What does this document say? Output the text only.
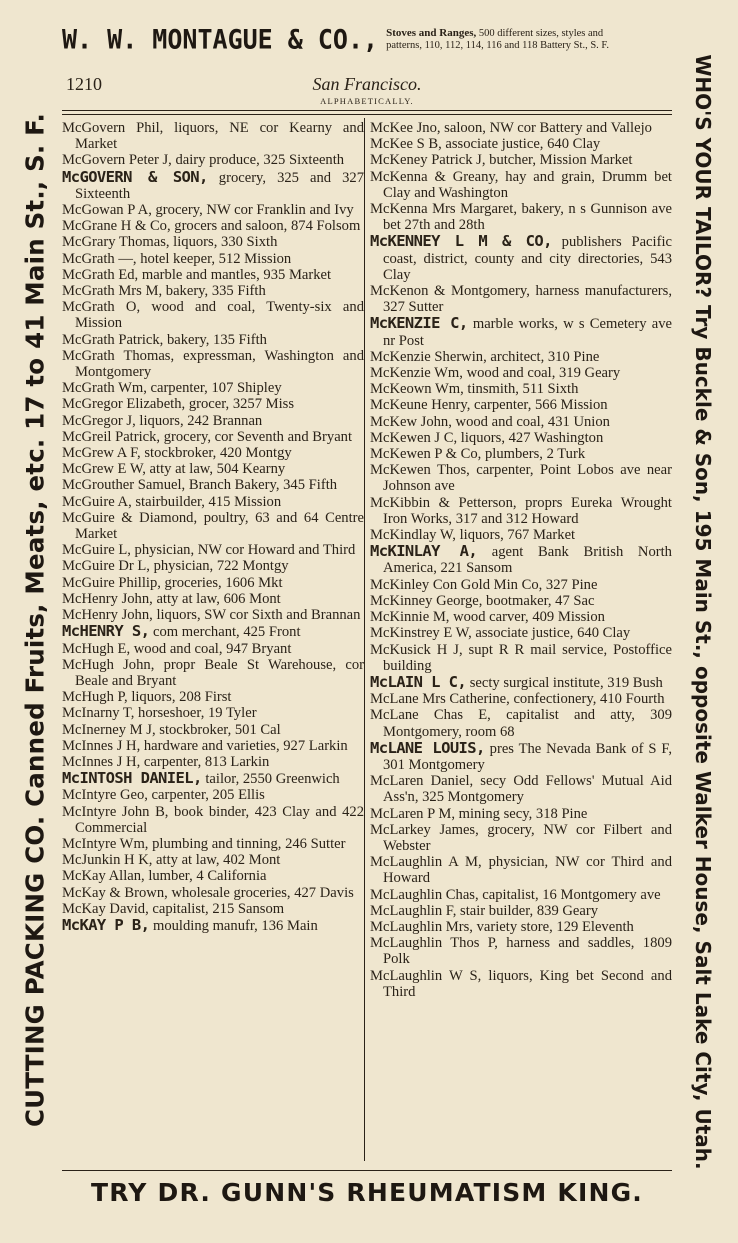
W. W. MONTAGUE & CO., Stoves and Ranges, 500 different sizes, styles and
patterns, 110, 112, 114, 116 and 118 Battery St., S. F.
CUTTING PACKING CO. Canned Fruits, Meats, etc. 17 to 41 Main St., S. F.	WHO'S YOUR TAILOR? Try Buckle & Son, 195 Main St., opposite Walker House, Salt Lake City, Utah.
1210	San Francisco.
ALPHABETICALLY.

McGovern Phil, liquors, NE cor Kearny and Market

McGovern Peter J, dairy produce, 325 Sixteenth

McGOVERN & SON, grocery, 325 and 327 Sixteenth

McGowan P A, grocery, NW cor Franklin and Ivy

McGrane H & Co, grocers and saloon, 874 Folsom

McGrary Thomas, liquors, 330 Sixth

McGrath —, hotel keeper, 512 Mission

McGrath Ed, marble and mantles, 935 Market

McGrath Mrs M, bakery, 335 Fifth

McGrath O, wood and coal, Twenty-six and Mission

McGrath Patrick, bakery, 135 Fifth

McGrath Thomas, expressman, Washington and Montgomery

McGrath Wm, carpenter, 107 Shipley

McGregor Elizabeth, grocer, 3257 Miss

McGregor J, liquors, 242 Brannan

McGreil Patrick, grocery, cor Seventh and Bryant

McGrew A F, stockbroker, 420 Montgy

McGrew E W, atty at law, 504 Kearny

McGrouther Samuel, Branch Bakery, 345 Fifth

McGuire A, stairbuilder, 415 Mission

McGuire & Diamond, poultry, 63 and 64 Centre Market

McGuire L, physician, NW cor Howard and Third

McGuire Dr L, physician, 722 Montgy

McGuire Phillip, groceries, 1606 Mkt

McHenry John, atty at law, 606 Mont

McHenry John, liquors, SW cor Sixth and Brannan

McHENRY S, com merchant, 425 Front

McHugh E, wood and coal, 947 Bryant

McHugh John, propr Beale St Warehouse, cor Beale and Bryant

McHugh P, liquors, 208 First

McInarny T, horseshoer, 19 Tyler

McInerney M J, stockbroker, 501 Cal

McInnes J H, hardware and varieties, 927 Larkin

McInnes J H, carpenter, 813 Larkin

McINTOSH DANIEL, tailor, 2550 Greenwich

McIntyre Geo, carpenter, 205 Ellis

McIntyre John B, book binder, 423 Clay and 422 Commercial

McIntyre Wm, plumbing and tinning, 246 Sutter

McJunkin H K, atty at law, 402 Mont

McKay Allan, lumber, 4 California

McKay & Brown, wholesale groceries, 427 Davis

McKay David, capitalist, 215 Sansom

McKAY P B, moulding manufr, 136 Main

McKee Jno, saloon, NW cor Battery and Vallejo

McKee S B, associate justice, 640 Clay

McKeney Patrick J, butcher, Mission Market

McKenna & Greany, hay and grain, Drumm bet Clay and Washington

McKenna Mrs Margaret, bakery, n s Gunnison ave bet 27th and 28th

McKENNEY L M & CO, publishers Pacific coast, district, county and city directories, 543 Clay

McKenon & Montgomery, harness manufacturers, 327 Sutter

McKENZIE C, marble works, w s Cemetery ave nr Post

McKenzie Sherwin, architect, 310 Pine

McKenzie Wm, wood and coal, 319 Geary

McKeown Wm, tinsmith, 511 Sixth

McKeune Henry, carpenter, 566 Mission

McKew John, wood and coal, 431 Union

McKewen J C, liquors, 427 Washington

McKewen P & Co, plumbers, 2 Turk

McKewen Thos, carpenter, Point Lobos ave near Johnson ave

McKibbin & Petterson, proprs Eureka Wrought Iron Works, 317 and 312 Howard

McKindlay W, liquors, 767 Market

McKINLAY A, agent Bank British North America, 221 Sansom

McKinley Con Gold Min Co, 327 Pine

McKinney George, bootmaker, 47 Sac

McKinnie M, wood carver, 409 Mission

McKinstrey E W, associate justice, 640 Clay

McKusick H J, supt R R mail service, Postoffice building

McLAIN L C, secty surgical institute, 319 Bush

McLane Mrs Catherine, confectionery, 410 Fourth

McLane Chas E, capitalist and atty, 309 Montgomery, room 68

McLANE LOUIS, pres The Nevada Bank of S F, 301 Montgomery

McLaren Daniel, secy Odd Fellows' Mutual Aid Ass'n, 325 Montgomery

McLaren P M, mining secy, 318 Pine

McLarkey James, grocery, NW cor Filbert and Webster

McLaughlin A M, physician, NW cor Third and Howard

McLaughlin Chas, capitalist, 16 Montgomery ave

McLaughlin F, stair builder, 839 Geary

McLaughlin Mrs, variety store, 129 Eleventh

McLaughlin Thos P, harness and saddles, 1809 Polk

McLaughlin W S, liquors, King bet Second and Third

TRY DR. GUNN'S RHEUMATISM KING.
